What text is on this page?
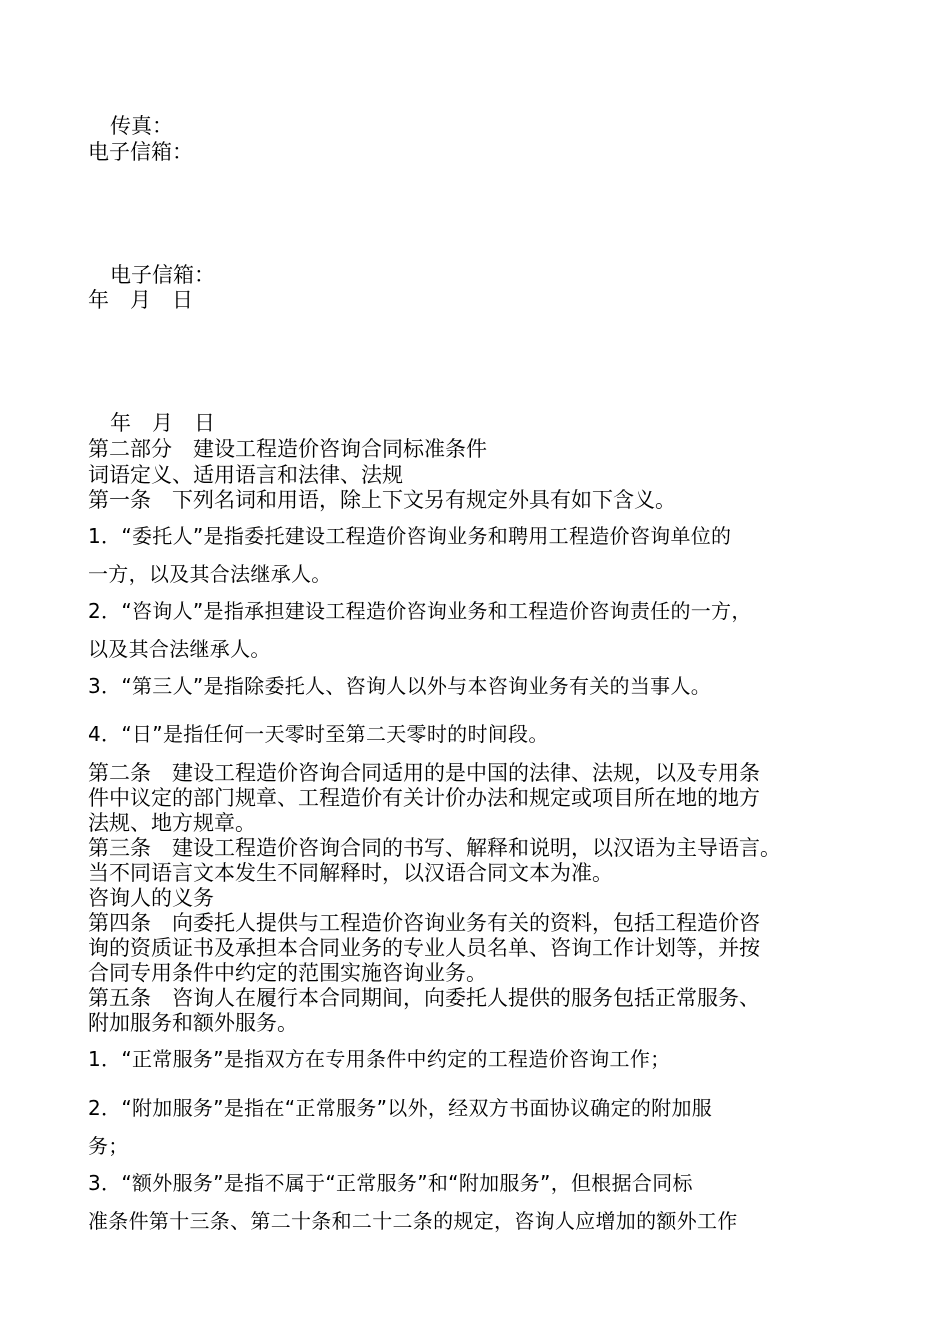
传真：
电子信箱：
电子信箱：
年　月　日
年　月　日
第二部分　建设工程造价咨询合同标准条件
词语定义、适用语言和法律、法规
第一条　下列名词和用语，除上下文另有规定外具有如下含义。
1．“委托人”是指委托建设工程造价咨询业务和聘用工程造价咨询单位的
一方，以及其合法继承人。
2．“咨询人”是指承担建设工程造价咨询业务和工程造价咨询责任的一方，
以及其合法继承人。
3．“第三人”是指除委托人、咨询人以外与本咨询业务有关的当事人。
4．“日”是指任何一天零时至第二天零时的时间段。
第二条　建设工程造价咨询合同适用的是中国的法律、法规，以及专用条
件中议定的部门规章、工程造价有关计价办法和规定或项目所在地的地方
法规、地方规章。
第三条　建设工程造价咨询合同的书写、解释和说明，以汉语为主导语言。
当不同语言文本发生不同解释时，以汉语合同文本为准。
咨询人的义务
第四条　向委托人提供与工程造价咨询业务有关的资料，包括工程造价咨
询的资质证书及承担本合同业务的专业人员名单、咨询工作计划等，并按
合同专用条件中约定的范围实施咨询业务。
第五条　咨询人在履行本合同期间，向委托人提供的服务包括正常服务、
附加服务和额外服务。
1．“正常服务”是指双方在专用条件中约定的工程造价咨询工作；
2．“附加服务”是指在“正常服务”以外，经双方书面协议确定的附加服
务；
3．“额外服务”是指不属于“正常服务”和“附加服务”，但根据合同标
准条件第十三条、第二十条和二十二条的规定，咨询人应增加的额外工作
